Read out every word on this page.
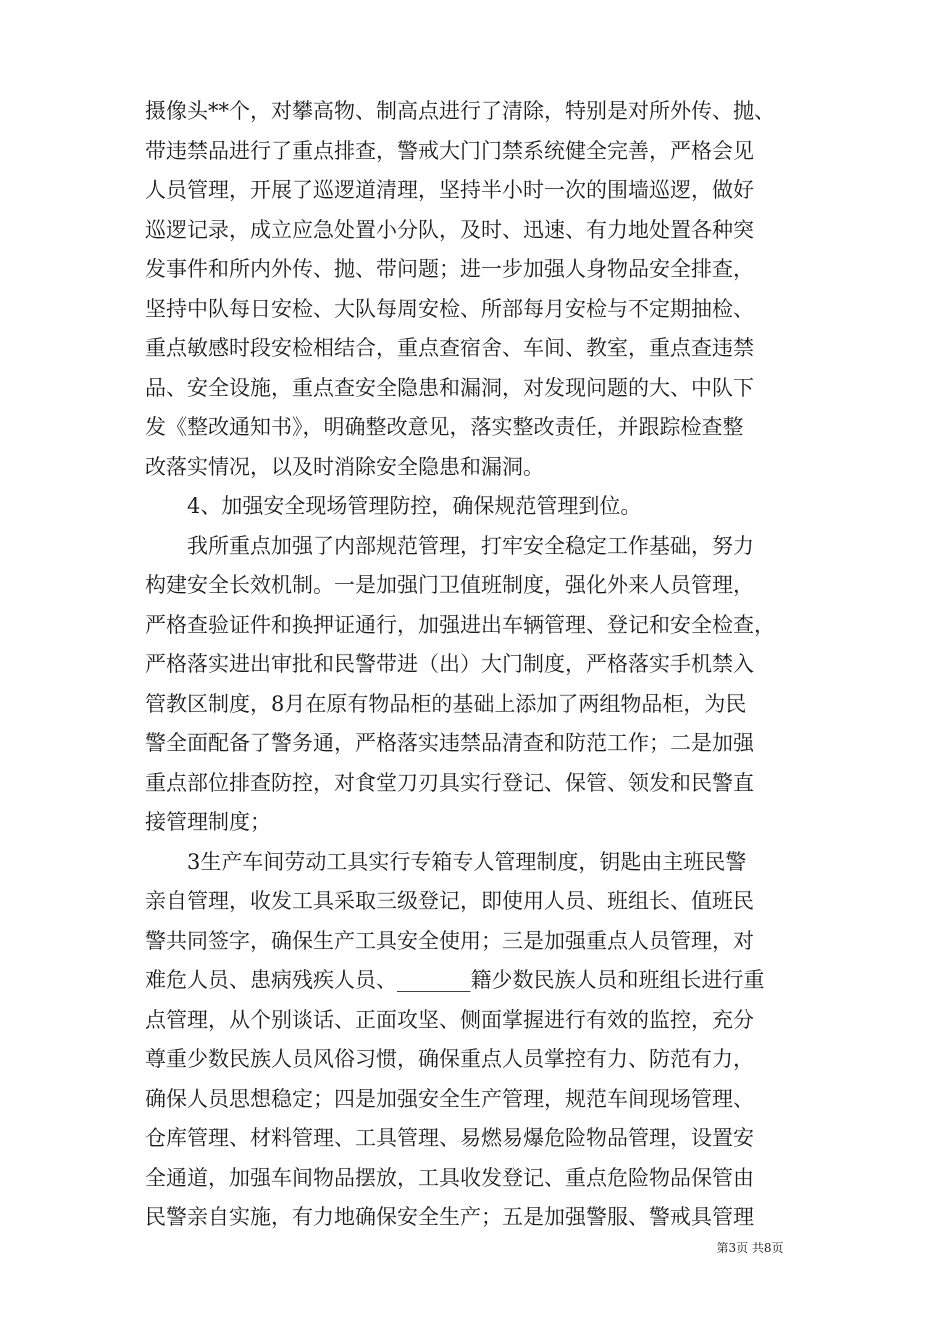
摄像头**个，对攀高物、制高点进行了清除，特别是对所外传、抛、
带违禁品进行了重点排查，警戒大门门禁系统健全完善，严格会见
人员管理，开展了巡逻道清理，坚持半小时一次的围墙巡逻，做好
巡逻记录，成立应急处置小分队，及时、迅速、有力地处置各种突
发事件和所内外传、抛、带问题；进一步加强人身物品安全排查，
坚持中队每日安检、大队每周安检、所部每月安检与不定期抽检、
重点敏感时段安检相结合，重点查宿舍、车间、教室，重点查违禁
品、安全设施，重点查安全隐患和漏洞，对发现问题的大、中队下
发《整改通知书》，明确整改意见，落实整改责任，并跟踪检查整
改落实情况，以及时消除安全隐患和漏洞。
4、加强安全现场管理防控，确保规范管理到位。
我所重点加强了内部规范管理，打牢安全稳定工作基础，努力
构建安全长效机制。一是加强门卫值班制度，强化外来人员管理，
严格查验证件和换押证通行，加强进出车辆管理、登记和安全检查，
严格落实进出审批和民警带进（出）大门制度，严格落实手机禁入
管教区制度，8月在原有物品柜的基础上添加了两组物品柜，为民
警全面配备了警务通，严格落实违禁品清查和防范工作；二是加强
重点部位排查防控，对食堂刀刃具实行登记、保管、领发和民警直
接管理制度；
3生产车间劳动工具实行专箱专人管理制度，钥匙由主班民警
亲自管理，收发工具采取三级登记，即使用人员、班组长、值班民
警共同签字，确保生产工具安全使用；三是加强重点人员管理，对
难危人员、患病残疾人员、_______籍少数民族人员和班组长进行重
点管理，从个别谈话、正面攻坚、侧面掌握进行有效的监控，充分
尊重少数民族人员风俗习惯，确保重点人员掌控有力、防范有力，
确保人员思想稳定；四是加强安全生产管理，规范车间现场管理、
仓库管理、材料管理、工具管理、易燃易爆危险物品管理，设置安
全通道，加强车间物品摆放，工具收发登记、重点危险物品保管由
民警亲自实施，有力地确保安全生产；五是加强警服、警戒具管理
第3页 共8页
